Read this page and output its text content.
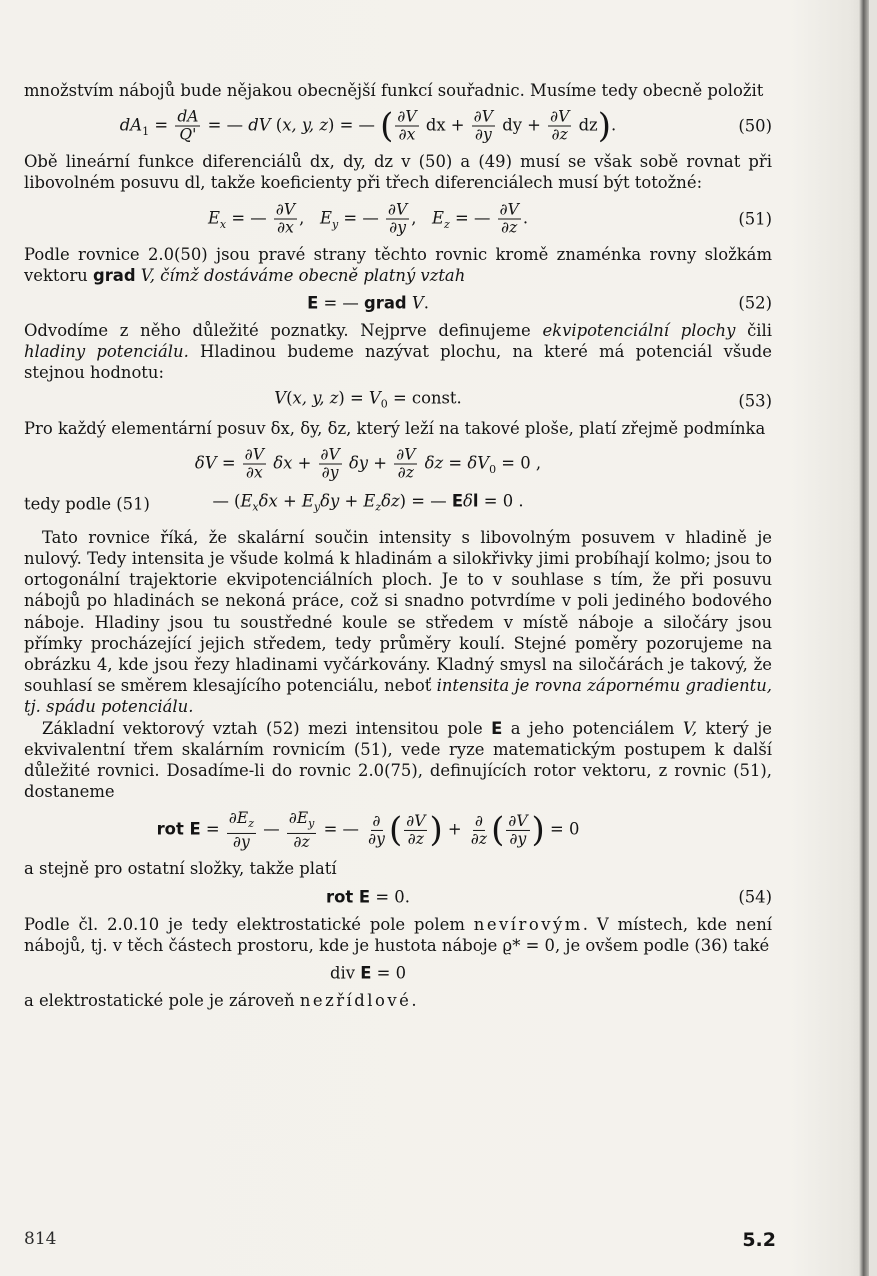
množstvím nábojů bude nějakou obecnější funkcí souřadnic. Musíme tedy obecně položit

$dA_1 = \frac{dA}{Q'}$ = — dV (x, y, z) = — ( $\frac{\partial V}{\partial x}$ dx + $\frac{\partial V}{\partial y}$ dy + $\frac{\partial V}{\partial z} dz$).	(50)

Obě lineární funkce diferenciálů dx, dy, dz v (50) a (49) musí se však sobě rovnat při libovolném posuvu dl, takže koeficienty při třech diferenciálech musí být totožné:

$E_x$ = — $\frac{\partial V}{\partial x}$ ,   $E_y$ = — $\frac{\partial V}{\partial y}$ ,   $E_z$ = — $\frac{\partial V}{\partial z}$ .	(51)

Podle rovnice 2.0(50) jsou pravé strany těchto rovnic kromě znaménka rovny složkám vektoru grad V, čímž dostáváme obecně platný vztah

E = — grad V.	(52)

Odvodíme z něho důležité poznatky. Nejprve definujeme ekvipotenciální plochy čili hladiny potenciálu. Hladinou budeme nazývat plochu, na které má potenciál všude stejnou hodnotu:

V(x, y, $z) = V_0$ = const.	(53)

Pro každý elementární posuv δx, δy, δz, který leží na takové ploše, platí zřejmě podmínka

$\delta V = \frac{\partial V}{\partial x}$ $\delta x + \frac{\partial V}{\partial y}$ $\delta y + \frac{\partial V}{\partial z}$ $\delta z = \delta V_0 = 0$ ,
tedy podle (51)	— $(E_x\delta x + E_y\delta y + E_z\delta z)$ = — Eδl = 0 .

Tato rovnice říká, že skalární součin intensity s libovolným posuvem v hladině je nulový. Tedy intensita je všude kolmá k hladinám a silokřivky jimi probíhají kolmo; jsou to ortogonální trajektorie ekvipotenciálních ploch. Je to v souhlase s tím, že při posuvu nábojů po hladinách se nekoná práce, což si snadno potvrdíme v poli jediného bodového náboje. Hladiny jsou tu soustředné koule se středem v místě náboje a siločáry jsou přímky procházející jejich středem, tedy průměry koulí. Stejné poměry pozorujeme na obrázku 4, kde jsou řezy hladinami vyčárkovány. Kladný smysl na siločárách je takový, že souhlasí se směrem klesajícího potenciálu, neboť intensita je rovna zápornému gradientu, tj. spádu potenciálu.

Základní vektorový vztah (52) mezi intensitou pole E a jeho potenciálem V, který je ekvivalentní třem skalárním rovnicím (51), vede ryze matematickým postupem k další důležité rovnici. Dosadíme-li do rovnic 2.0(75), definujících rotor vektoru, z rovnic (51), dostaneme

rot $E = \frac{\partial E_z}{\partial y}$ — $\frac{\partial E_y}{\partial z}$ = — $\frac{\partial}{\partial y}$ ( $\frac{\partial V}{\partial z}$ ) + $\frac{\partial}{\partial z}$ ( $\frac{\partial V}{\partial y}$ ) = 0

a stejně pro ostatní složky, takže platí

rot E = 0.	(54)

Podle čl. 2.0.10 je tedy elektrostatické pole polem nevírovým. V místech, kde není nábojů, tj. v těch částech prostoru, kde je hustota náboje ϱ* = 0, je ovšem podle (36) také

div E = 0

a elektrostatické pole je zároveň nezřídlové.

814	5.2
